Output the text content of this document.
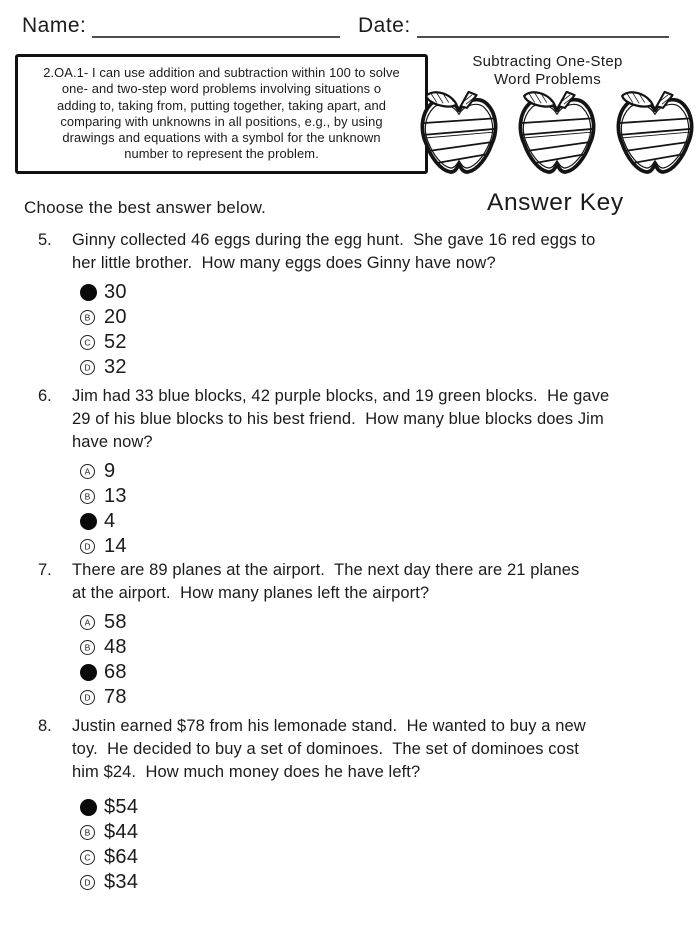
Name:	Date:
2.OA.1- I can use addition and subtraction within 100 to solve
one- and two-step word problems involving situations o
adding to, taking from, putting together, taking apart, and
comparing with unknowns in all positions, e.g., by using
drawings and equations with a symbol for the unknown
number to represent the problem.
Subtracting One-Step
Word Problems
Choose the best answer below.	Answer Key
5.	Ginny collected 46 eggs during the egg hunt.  She gave 16 red eggs to
her little brother.  How many eggs does Ginny have now?
30
B 20
C 52
D 32
6.	Jim had 33 blue blocks, 42 purple blocks, and 19 green blocks.  He gave
29 of his blue blocks to his best friend.  How many blue blocks does Jim
have now?
A 9
B 13
4
D 14
7.	There are 89 planes at the airport.  The next day there are 21 planes
at the airport.  How many planes left the airport?
A 58
B 48
68
D 78
8.	Justin earned $78 from his lemonade stand.  He wanted to buy a new
toy.  He decided to buy a set of dominoes.  The set of dominoes cost
him $24.  How much money does he have left?
$54
B $44
C $64
D $34
